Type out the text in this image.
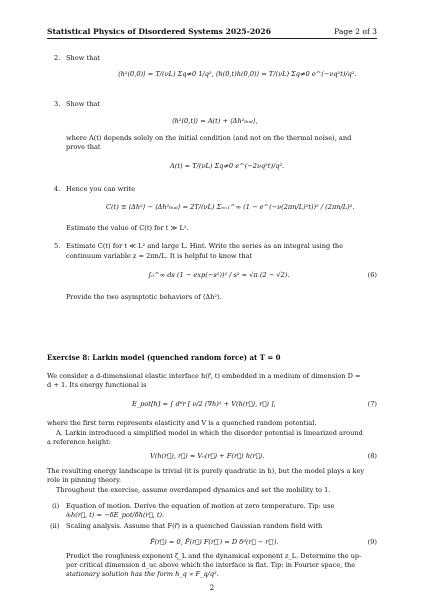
Statistical Physics of Disordered Systems 2025-2026	Page 2 of 3
2. Show that
⟨h²(0,0)⟩ = T/(νL) Σq≠0 1/q², ⟨h(0,t)h(0,0)⟩ = T/(νL) Σq≠0 e^(−νq²t)/q².
3. Show that
⟨h²(0,t)⟩ = A(t) + ⟨Δh²ₜₕₐₗ⟩,
where A(t) depends solely on the initial condition (and not on the thermal noise), and
prove that
A(t) = T/(νL) Σq≠0 e^(−2νq²t)/q².
4. Hence you can write
C(t) ≡ ⟨Δh²⟩ − ⟨Δh²ₜₕₐₗ⟩ = 2T/(νL) Σₙ₌₁^∞ (1 − e^(−ν(2πn/L)²t))² / (2πn/L)².
Estimate the value of C(t) for t ≫ L².
5. Estimate C(t) for t ≪ L² and large L. Hint. Write the series as an integral using the
continuum variable z = 2πn/L. It is helpful to know that
∫₀^∞ ds (1 − exp(−s²))² / s² = √π (2 − √2).	(6)
Provide the two asymptotic behaviors of ⟨Δh²⟩.
Exercise 8: Larkin model (quenched random force) at T = 0
We consider a d-dimensional elastic interface h(r⃗, t) embedded in a medium of dimension D =
d + 1. Its energy functional is
E_pot[h] = ∫ dᵈr [ ν/2 (∇h)² + V(h(r⃗), r⃗) ],	(7)
where the first term represents elasticity and V is a quenched random potential.
A. Larkin introduced a simplified model in which the disorder potential is linearized around
a reference height:
V(h(r⃗), r⃗) ≃ V₀(r⃗) + F(r⃗) h(r⃗).	(8)
The resulting energy landscape is trivial (it is purely quadratic in h), but the model plays a key
role in pinning theory.
Throughout the exercise, assume overdamped dynamics and set the mobility to 1.
(i) Equation of motion. Derive the equation of motion at zero temperature. Tip: use
∂ₜh(r⃗, t) = −δE_pot/δh(r⃗, t).
(ii) Scaling analysis. Assume that F(r⃗) is a quenched Gaussian random field with
F̄(r⃗) = 0, F̄(r⃗) F(r⃗′) = D δᵈ(r⃗ − r⃗′).	(9)
Predict the roughness exponent ζ_L and the dynamical exponent z_L. Determine the up-
per critical dimension d_uc above which the interface is flat. Tip: in Fourier space, the
stationary solution has the form h_q ∝ F_q/q².
2
